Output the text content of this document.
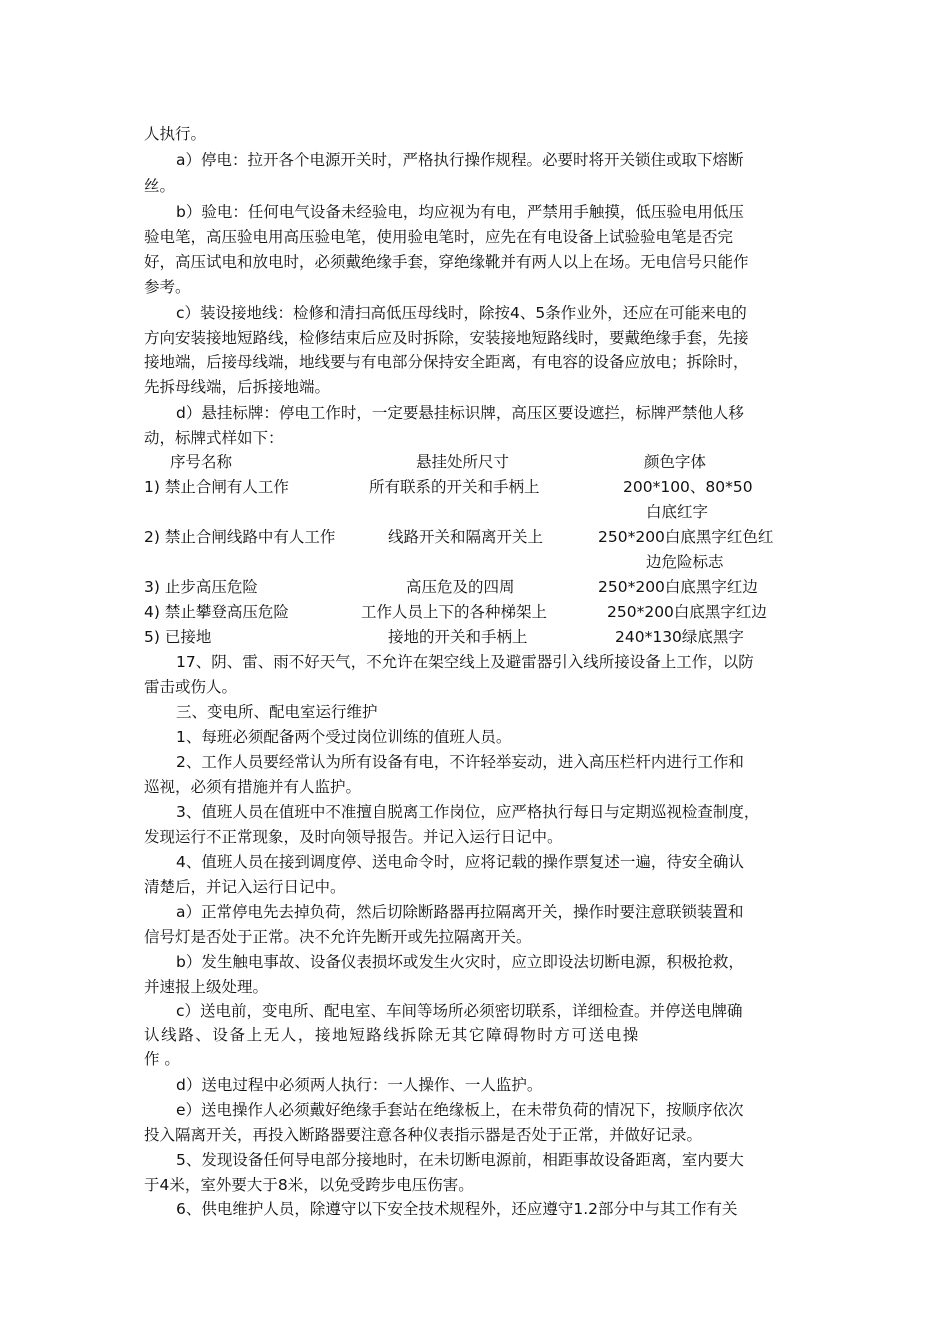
人执行。
a）停电：拉开各个电源开关时，严格执行操作规程。必要时将开关锁住或取下熔断
丝。
b）验电：任何电气设备未经验电，均应视为有电，严禁用手触摸，低压验电用低压
验电笔，高压验电用高压验电笔，使用验电笔时，应先在有电设备上试验验电笔是否完
好，高压试电和放电时，必须戴绝缘手套，穿绝缘靴并有两人以上在场。无电信号只能作
参考。
c）装设接地线：检修和清扫高低压母线时，除按4、5条作业外，还应在可能来电的
方向安装接地短路线，检修结束后应及时拆除，安装接地短路线时，要戴绝缘手套，先接
接地端，后接母线端，地线要与有电部分保持安全距离，有电容的设备应放电；拆除时，
先拆母线端，后拆接地端。
d）悬挂标牌：停电工作时，一定要悬挂标识牌，高压区要设遮拦，标牌严禁他人移
动，标牌式样如下：
序号名称	悬挂处所尺寸	颜色字体
1) 禁止合闸有人工作	所有联系的开关和手柄上	200*100、80*50
白底红字
2) 禁止合闸线路中有人工作	线路开关和隔离开关上	250*200白底黑字红色红
边危险标志
3) 止步高压危险	高压危及的四周	250*200白底黑字红边
4) 禁止攀登高压危险	工作人员上下的各种梯架上	250*200白底黑字红边
5) 已接地	接地的开关和手柄上	240*130绿底黑字
17、阴、雷、雨不好天气，不允许在架空线上及避雷器引入线所接设备上工作，以防
雷击或伤人。
三、变电所、配电室运行维护
1、每班必须配备两个受过岗位训练的值班人员。
2、工作人员要经常认为所有设备有电，不许轻举妄动，进入高压栏杆内进行工作和
巡视，必须有措施并有人监护。
3、值班人员在值班中不准擅自脱离工作岗位，应严格执行每日与定期巡视检查制度，
发现运行不正常现象，及时向领导报告。并记入运行日记中。
4、值班人员在接到调度停、送电命令时，应将记载的操作票复述一遍，待安全确认
清楚后，并记入运行日记中。
a）正常停电先去掉负荷，然后切除断路器再拉隔离开关，操作时要注意联锁装置和
信号灯是否处于正常。决不允许先断开或先拉隔离开关。
b）发生触电事故、设备仪表损坏或发生火灾时，应立即设法切断电源，积极抢救，
并速报上级处理。
c）送电前，变电所、配电室、车间等场所必须密切联系，详细检查。并停送电牌确
认线路、设备上无人，接地短路线拆除无其它障碍物时方可送电操
作 。
d）送电过程中必须两人执行：一人操作、一人监护。
e）送电操作人必须戴好绝缘手套站在绝缘板上，在未带负荷的情况下，按顺序依次
投入隔离开关，再投入断路器要注意各种仪表指示器是否处于正常，并做好记录。
5、发现设备任何导电部分接地时，在未切断电源前，相距事故设备距离，室内要大
于4米，室外要大于8米，以免受跨步电压伤害。
6、供电维护人员，除遵守以下安全技术规程外，还应遵守1.2部分中与其工作有关
